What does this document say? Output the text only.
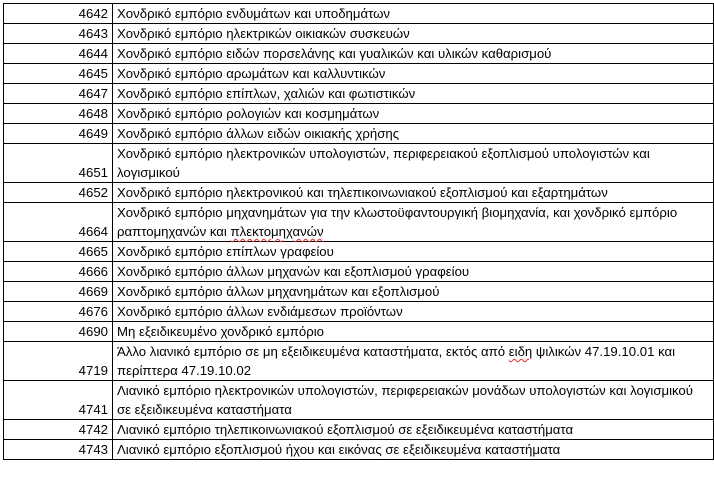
4642	Χονδρικό εμπόριο ενδυμάτων και υποδημάτων
4643	Χονδρικό εμπόριο ηλεκτρικών οικιακών συσκευών
4644	Χονδρικό εμπόριο ειδών πορσελάνης και γυαλικών και υλικών καθαρισμού
4645	Χονδρικό εμπόριο αρωμάτων και καλλυντικών
4647	Χονδρικό εμπόριο επίπλων, χαλιών και φωτιστικών
4648	Χονδρικό εμπόριο ρολογιών και κοσμημάτων
4649	Χονδρικό εμπόριο άλλων ειδών οικιακής χρήσης
4651	Χονδρικό εμπόριο ηλεκτρονικών υπολογιστών, περιφερειακού εξοπλισμού υπολογιστών και λογισμικού
4652	Χονδρικό εμπόριο ηλεκτρονικού και τηλεπικοινωνιακού εξοπλισμού και εξαρτημάτων
4664	Χονδρικό εμπόριο μηχανημάτων για την κλωστοϋφαντουργική βιομηχανία, και χονδρικό εμπόριο ραπτομηχανών και πλεκτομηχανών
4665	Χονδρικό εμπόριο επίπλων γραφείου
4666	Χονδρικό εμπόριο άλλων μηχανών και εξοπλισμού γραφείου
4669	Χονδρικό εμπόριο άλλων μηχανημάτων και εξοπλισμού
4676	Χονδρικό εμπόριο άλλων ενδιάμεσων προϊόντων
4690	Μη εξειδικευμένο χονδρικό εμπόριο
4719	Άλλο λιανικό εμπόριο σε μη εξειδικευμένα καταστήματα, εκτός από ειδη ψιλικών 47.19.10.01 και περίπτερα 47.19.10.02
4741	Λιανικό εμπόριο ηλεκτρονικών υπολογιστών, περιφερειακών μονάδων υπολογιστών και λογισμικού σε εξειδικευμένα καταστήματα
4742	Λιανικό εμπόριο τηλεπικοινωνιακού εξοπλισμού σε εξειδικευμένα καταστήματα
4743	Λιανικό εμπόριο εξοπλισμού ήχου και εικόνας σε εξειδικευμένα καταστήματα
